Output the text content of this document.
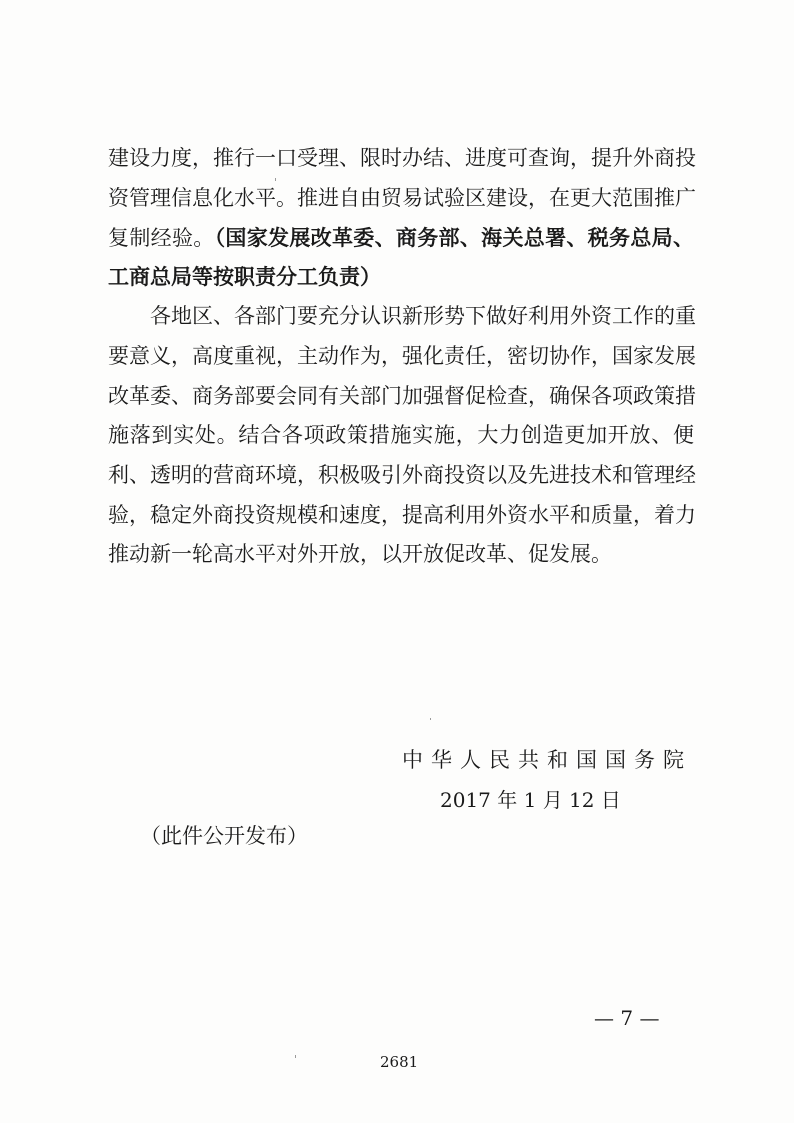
建设力度，推行一口受理、限时办结、进度可查询，提升外商投
资管理信息化水平。推进自由贸易试验区建设，在更大范围推广
复制经验。（国家发展改革委、商务部、海关总署、税务总局、
工商总局等按职责分工负责）
各地区、各部门要充分认识新形势下做好利用外资工作的重
要意义，高度重视，主动作为，强化责任，密切协作，国家发展
改革委、商务部要会同有关部门加强督促检查，确保各项政策措
施落到实处。结合各项政策措施实施，大力创造更加开放、便
利、透明的营商环境，积极吸引外商投资以及先进技术和管理经
验，稳定外商投资规模和速度，提高利用外资水平和质量，着力
推动新一轮高水平对外开放，以开放促改革、促发展。
中华人民共和国国务院
2017 年 1 月 12 日
（此件公开发布）
— 7 —
2681
